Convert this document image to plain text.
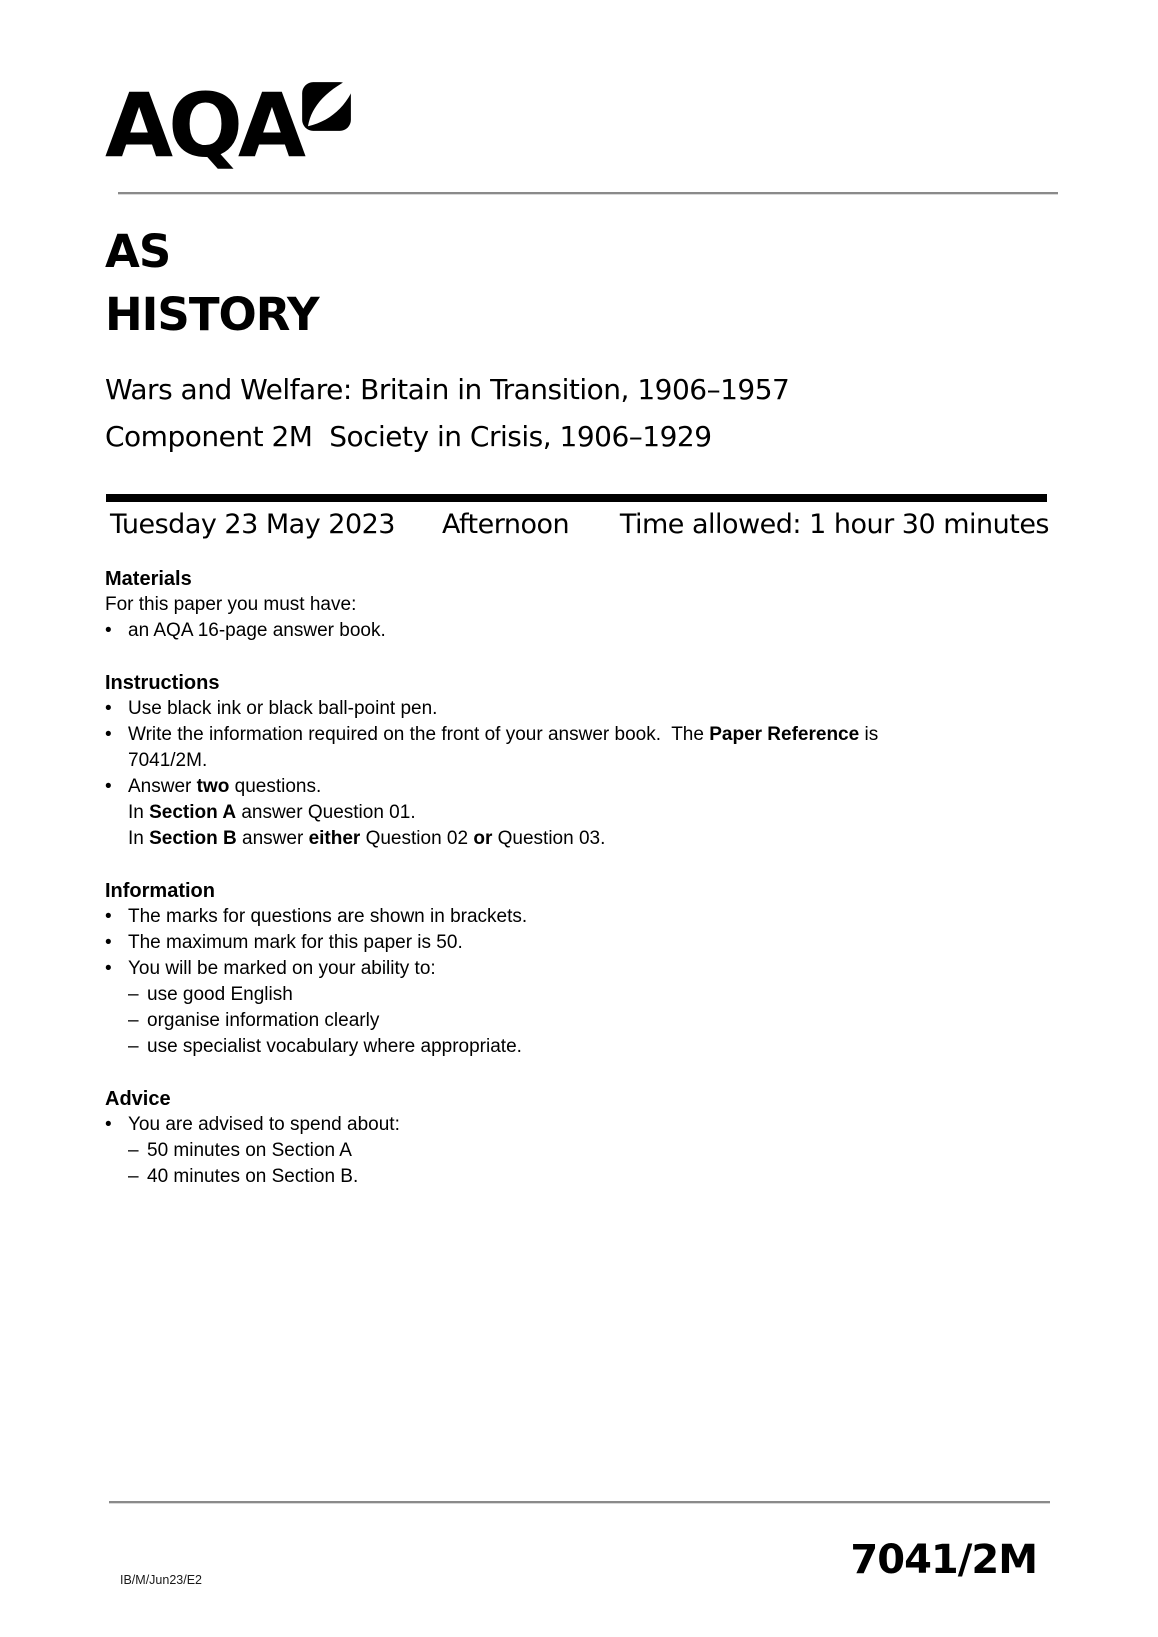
AQA
AS
HISTORY
Wars and Welfare: Britain in Transition, 1906–1957
Component 2M  Society in Crisis, 1906–1929
Tuesday 23 May 2023 Afternoon Time allowed: 1 hour 30 minutes
Materials
For this paper you must have:
• an AQA 16-page answer book.
Instructions
• Use black ink or black ball-point pen.
• Write the information required on the front of your answer book.  The Paper Reference is
7041/2M.
• Answer two questions.
In Section A answer Question 01.
In Section B answer either Question 02 or Question 03.
Information
• The marks for questions are shown in brackets.
• The maximum mark for this paper is 50.
• You will be marked on your ability to:
– use good English
– organise information clearly
– use specialist vocabulary where appropriate.
Advice
• You are advised to spend about:
– 50 minutes on Section A
– 40 minutes on Section B.
7041/2M
IB/M/Jun23/E2
